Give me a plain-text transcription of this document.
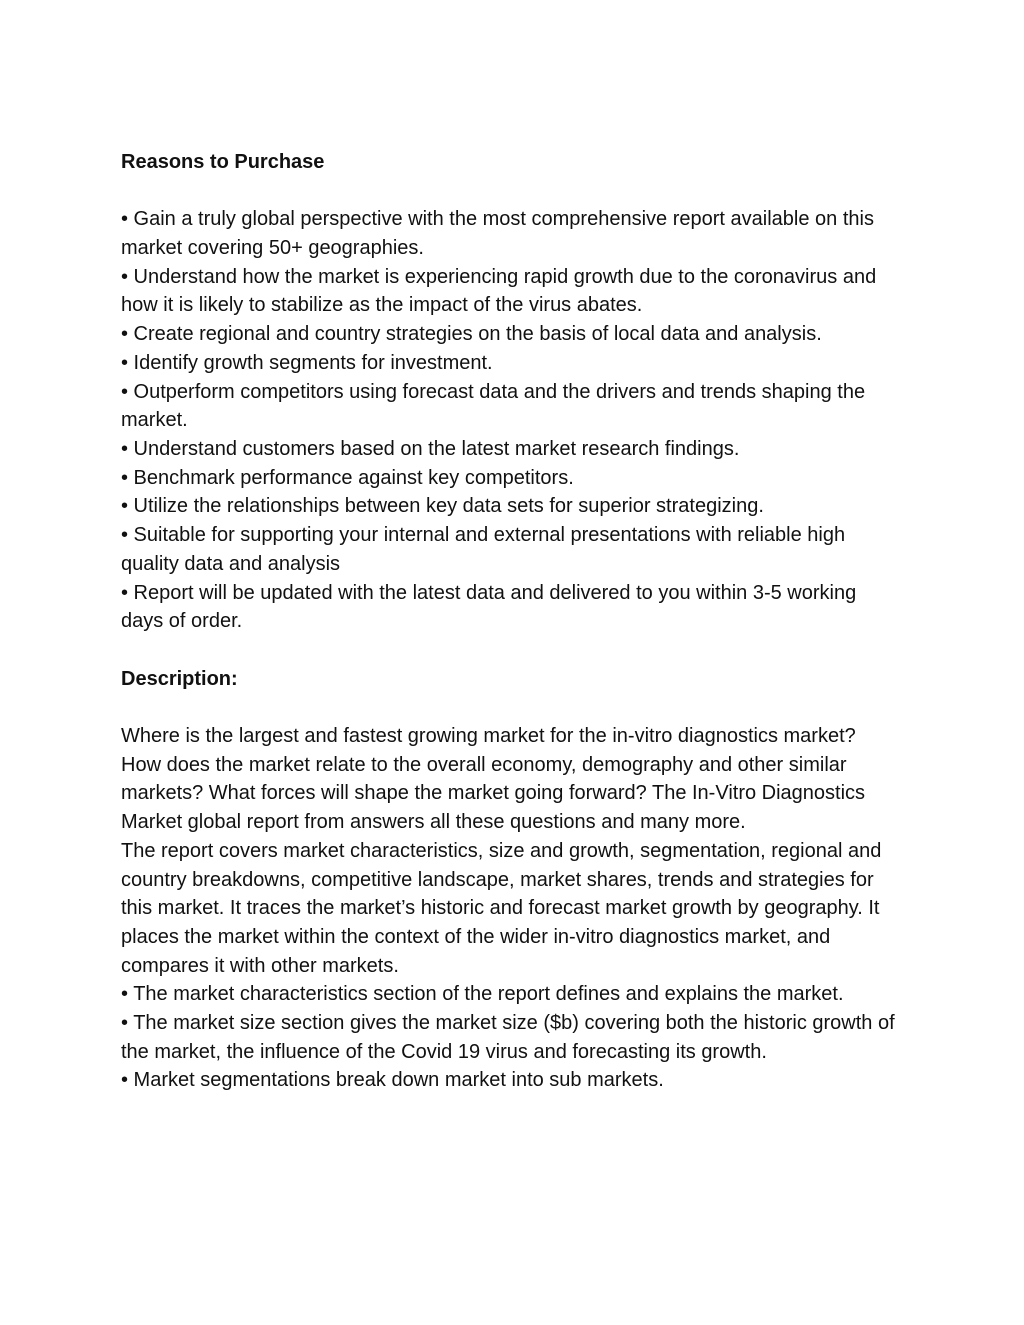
Reasons to Purchase
• Gain a truly global perspective with the most comprehensive report available on this market covering 50+ geographies.
• Understand how the market is experiencing rapid growth due to the coronavirus and how it is likely to stabilize as the impact of the virus abates.
• Create regional and country strategies on the basis of local data and analysis.
• Identify growth segments for investment.
• Outperform competitors using forecast data and the drivers and trends shaping the market.
• Understand customers based on the latest market research findings.
• Benchmark performance against key competitors.
• Utilize the relationships between key data sets for superior strategizing.
• Suitable for supporting your internal and external presentations with reliable high quality data and analysis
• Report will be updated with the latest data and delivered to you within 3-5 working days of order.
Description:

Where is the largest and fastest growing market for the in-vitro diagnostics market? How does the market relate to the overall economy, demography and other similar markets? What forces will shape the market going forward? The In-Vitro Diagnostics Market global report from answers all these questions and many more.

The report covers market characteristics, size and growth, segmentation, regional and country breakdowns, competitive landscape, market shares, trends and strategies for this market. It traces the market’s historic and forecast market growth by geography. It places the market within the context of the wider in-vitro diagnostics market, and compares it with other markets.

• The market characteristics section of the report defines and explains the market.
• The market size section gives the market size ($b) covering both the historic growth of the market, the influence of the Covid 19 virus and forecasting its growth.
• Market segmentations break down market into sub markets.
